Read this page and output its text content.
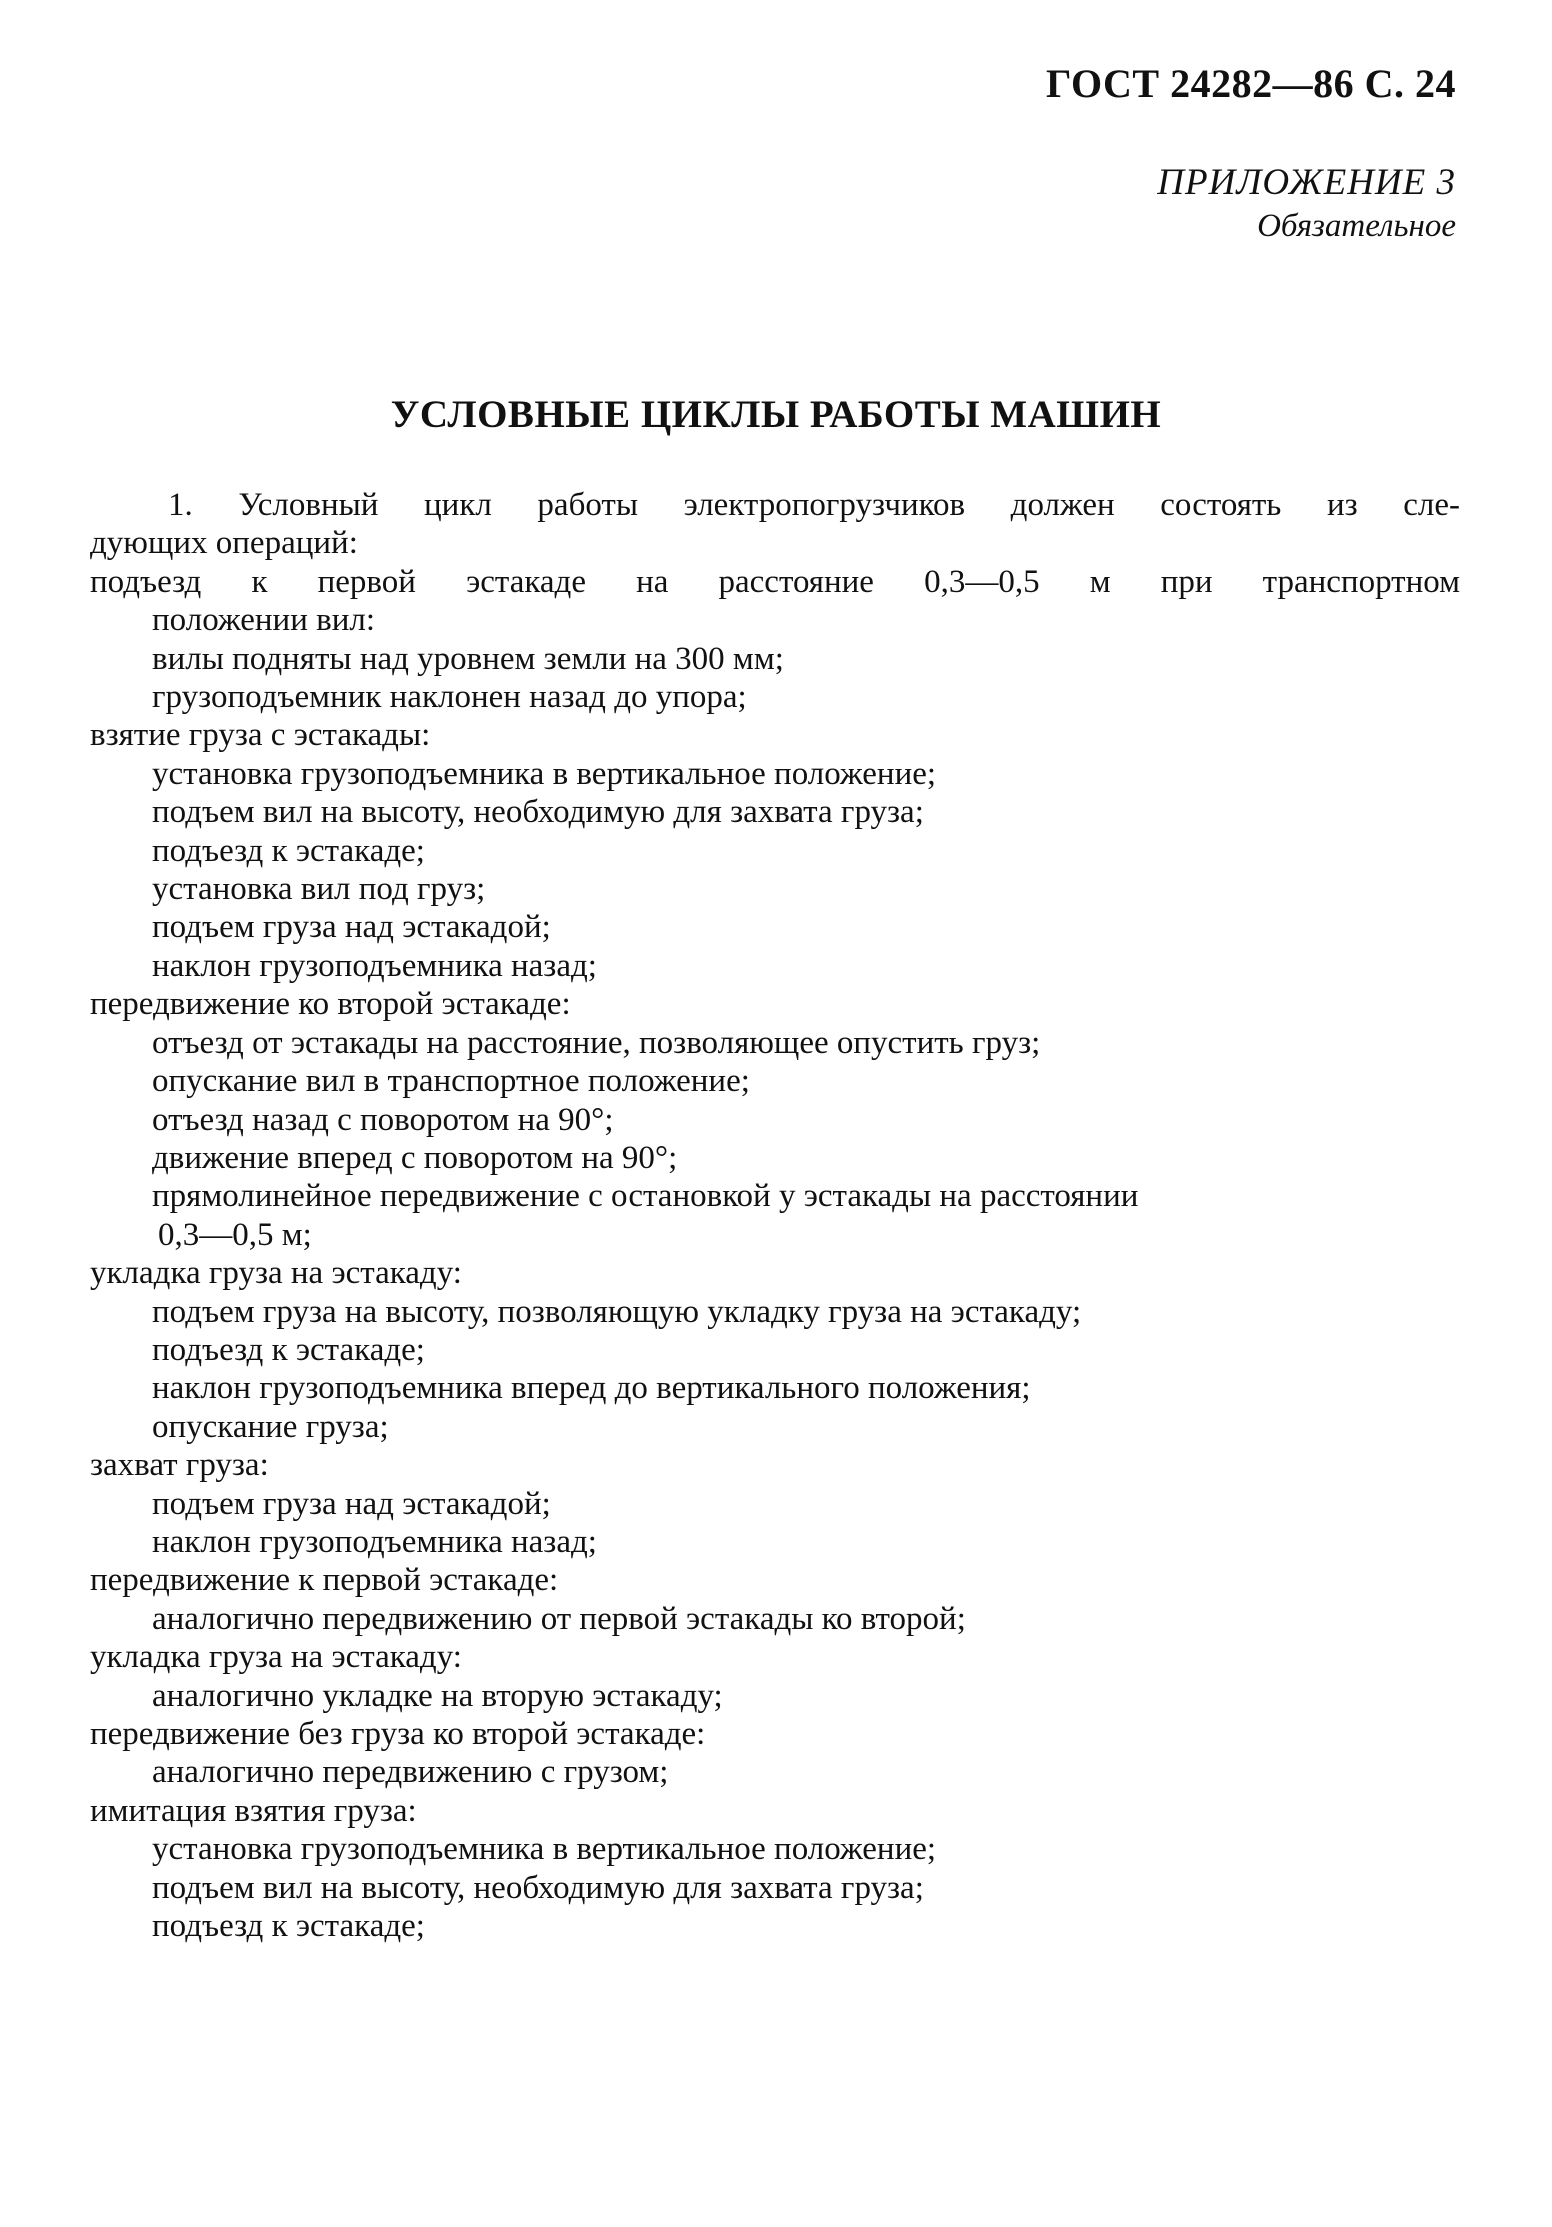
ГОСТ 24282—86 С. 24
ПРИЛОЖЕНИЕ 3
Обязательное
УСЛОВНЫЕ ЦИКЛЫ РАБОТЫ МАШИН
1. Условный цикл работы электропогрузчиков должен состоять из сле-
дующих операций:
подъезд к первой эстакаде на расстояние 0,3—0,5 м при транспортном
положении вил:
вилы подняты над уровнем земли на 300 мм;
грузоподъемник наклонен назад до упора;
взятие груза с эстакады:
установка грузоподъемника в вертикальное положение;
подъем вил на высоту, необходимую для захвата груза;
подъезд к эстакаде;
установка вил под груз;
подъем груза над эстакадой;
наклон грузоподъемника назад;
передвижение ко второй эстакаде:
отъезд от эстакады на расстояние, позволяющее опустить груз;
опускание вил в транспортное положение;
отъезд назад с поворотом на 90°;
движение вперед с поворотом на 90°;
прямолинейное передвижение с остановкой у эстакады на расстоянии
0,3—0,5 м;
укладка груза на эстакаду:
подъем груза на высоту, позволяющую укладку груза на эстакаду;
подъезд к эстакаде;
наклон грузоподъемника вперед до вертикального положения;
опускание груза;
захват груза:
подъем груза над эстакадой;
наклон грузоподъемника назад;
передвижение к первой эстакаде:
аналогично передвижению от первой эстакады ко второй;
укладка груза на эстакаду:
аналогично укладке на вторую эстакаду;
передвижение без груза ко второй эстакаде:
аналогично передвижению с грузом;
имитация взятия груза:
установка грузоподъемника в вертикальное положение;
подъем вил на высоту, необходимую для захвата груза;
подъезд к эстакаде;
